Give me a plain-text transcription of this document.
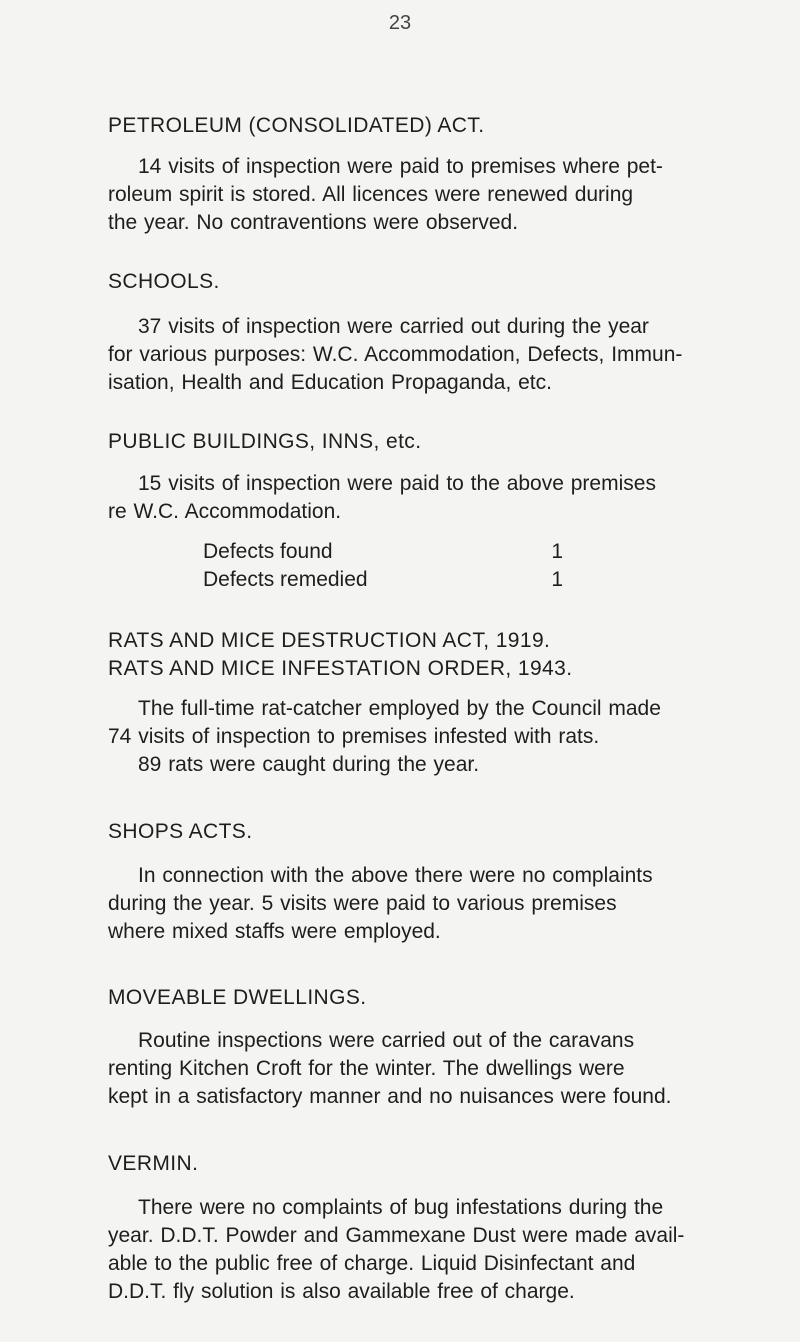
23

PETROLEUM (CONSOLIDATED) ACT.

14 visits of inspection were paid to premises where pet-

roleum spirit is stored. All licences were renewed during

the year. No contraventions were observed.

SCHOOLS.

37 visits of inspection were carried out during the year

for various purposes: W.C. Accommodation, Defects, Immun-

isation, Health and Education Propaganda, etc.

PUBLIC BUILDINGS, INNS, etc.

15 visits of inspection were paid to the above premises

re W.C. Accommodation.

Defects found	1
Defects remedied	1

RATS AND MICE DESTRUCTION ACT, 1919.

RATS AND MICE INFESTATION ORDER, 1943.

The full-time rat-catcher employed by the Council made

74 visits of inspection to premises infested with rats.

89 rats were caught during the year.

SHOPS ACTS.

In connection with the above there were no complaints

during the year. 5 visits were paid to various premises

where mixed staffs were employed.

MOVEABLE DWELLINGS.

Routine inspections were carried out of the caravans

renting Kitchen Croft for the winter. The dwellings were

kept in a satisfactory manner and no nuisances were found.

VERMIN.

There were no complaints of bug infestations during the

year. D.D.T. Powder and Gammexane Dust were made avail-

able to the public free of charge. Liquid Disinfectant and

D.D.T. fly solution is also available free of charge.
